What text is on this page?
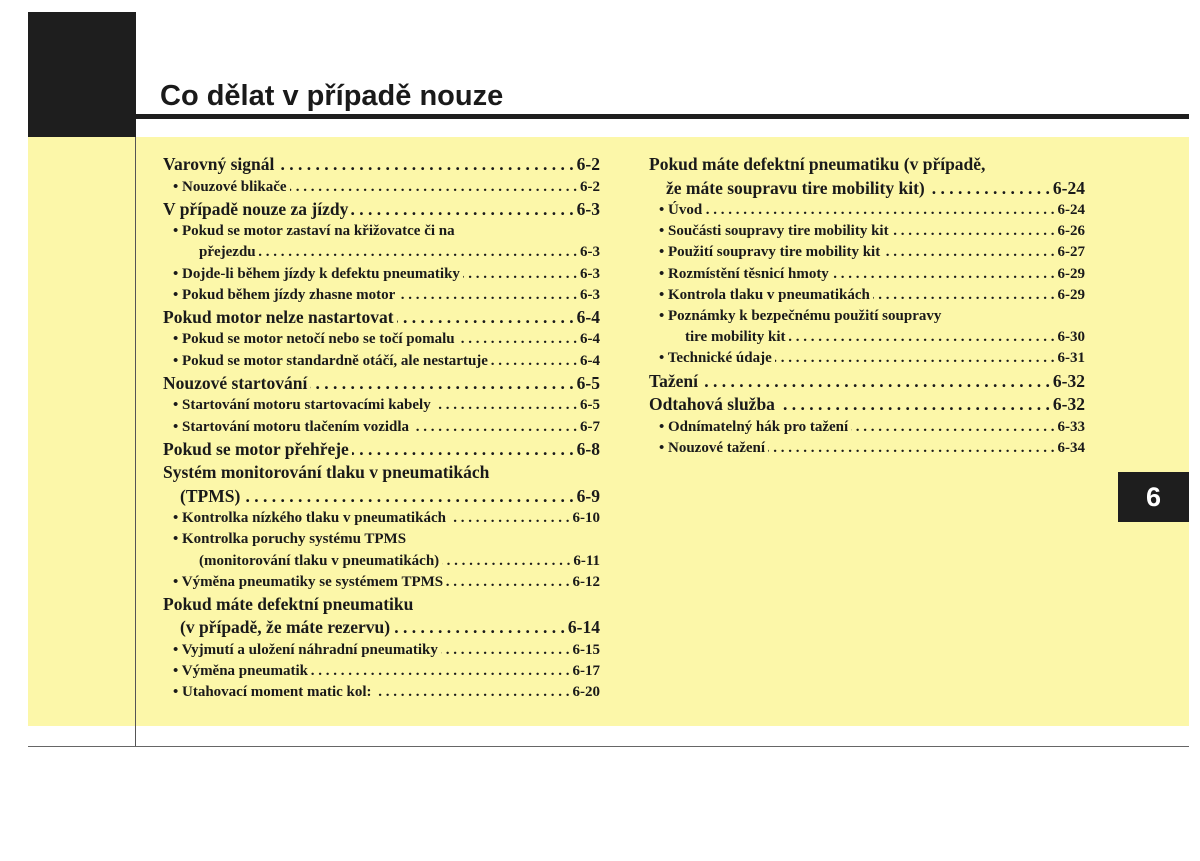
Co dělat v případě nouze
6
Varovný signál . . .	6-2
• Nouzové blikače . . .	6-2
V případě nouze za jízdy . . .	6-3
• Pokud se motor zastaví na křižovatce či na
přejezdu . . .	6-3
• Dojde-li během jízdy k defektu pneumatiky . . .	6-3
• Pokud během jízdy zhasne motor . . .	6-3
Pokud motor nelze nastartovat . . .	6-4
• Pokud se motor netočí nebo se točí pomalu . . .	6-4
• Pokud se motor standardně otáčí, ale nestartuje . . .	6-4
Nouzové startování . . .	6-5
• Startování motoru startovacími kabely . . .	6-5
• Startování motoru tlačením vozidla . . .	6-7
Pokud se motor přehřeje . . .	6-8
Systém monitorování tlaku v pneumatikách
(TPMS) . . .	6-9
• Kontrolka nízkého tlaku v pneumatikách . . .	6-10
• Kontrolka poruchy systému TPMS
(monitorování tlaku v pneumatikách) . . .	6-11
• Výměna pneumatiky se systémem TPMS . . .	6-12
Pokud máte defektní pneumatiku
(v případě, že máte rezervu) . . .	6-14
• Vyjmutí a uložení náhradní pneumatiky . . .	6-15
• Výměna pneumatik . . .	6-17
• Utahovací moment matic kol: . . .	6-20
Pokud máte defektní pneumatiku (v případě,
že máte soupravu tire mobility kit) . . .	6-24
• Úvod . . .	6-24
• Součásti soupravy tire mobility kit . . .	6-26
• Použití soupravy tire mobility kit . . .	6-27
• Rozmístění těsnicí hmoty . . .	6-29
• Kontrola tlaku v pneumatikách . . .	6-29
• Poznámky k bezpečnému použití soupravy
tire mobility kit . . .	6-30
• Technické údaje . . .	6-31
Tažení . . .	6-32
Odtahová služba . . .	6-32
• Odnímatelný hák pro tažení . . .	6-33
• Nouzové tažení . . .	6-34
